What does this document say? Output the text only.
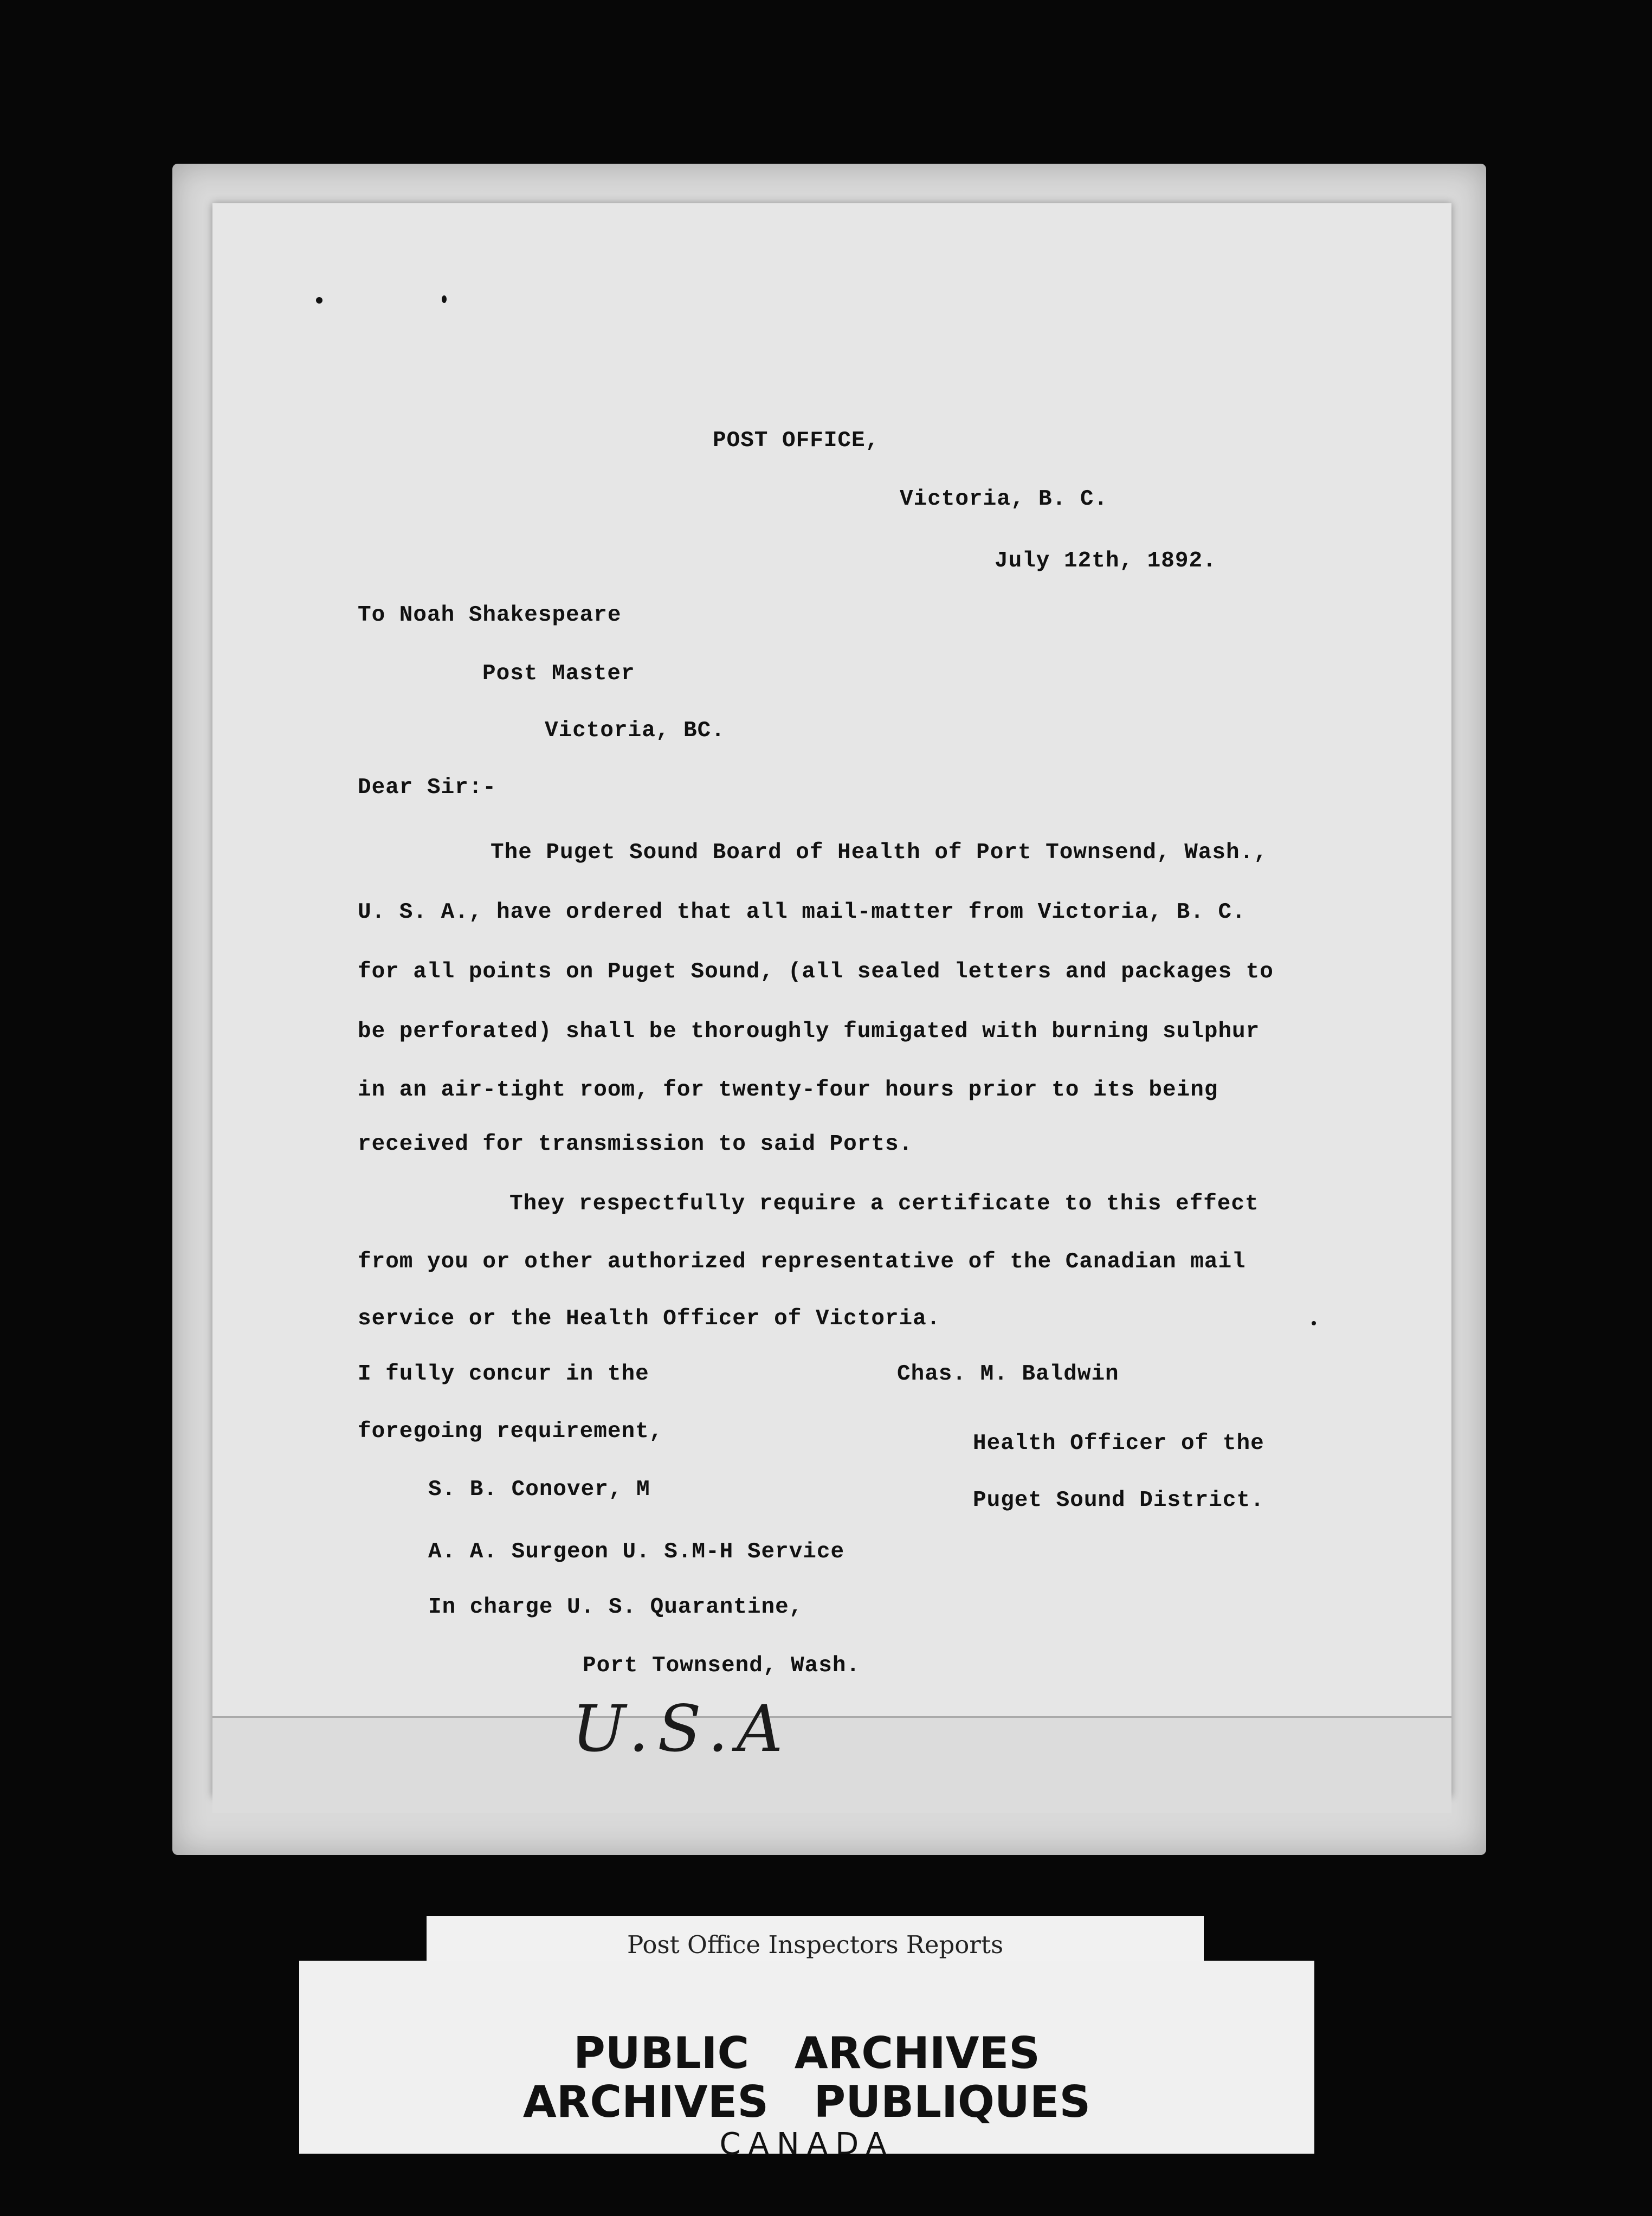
POST OFFICE,
Victoria, B. C.
July 12th, 1892.
To Noah Shakespeare
Post Master
Victoria, BC.
Dear Sir:-
The Puget Sound Board of Health of Port Townsend, Wash.,
U. S. A., have ordered that all mail-matter from Victoria, B. C.
for all points on Puget Sound, (all sealed letters and packages to
be perforated) shall be thoroughly fumigated with burning sulphur
in an air-tight room, for twenty-four hours prior to its being
received for transmission to said Ports.
They respectfully require a certificate to this effect
from you or other authorized representative of the Canadian mail
service or the Health Officer of Victoria.
I fully concur in the
foregoing requirement,
Chas. M. Baldwin
Health Officer of the
Puget Sound District.
S. B. Conover, M
A. A. Surgeon U. S.M-H Service
In charge U. S. Quarantine,
Port Townsend, Wash.
U.S.A
Post Office Inspectors Reports
PUBLIC   ARCHIVES
ARCHIVES   PUBLIQUES
CANADA
